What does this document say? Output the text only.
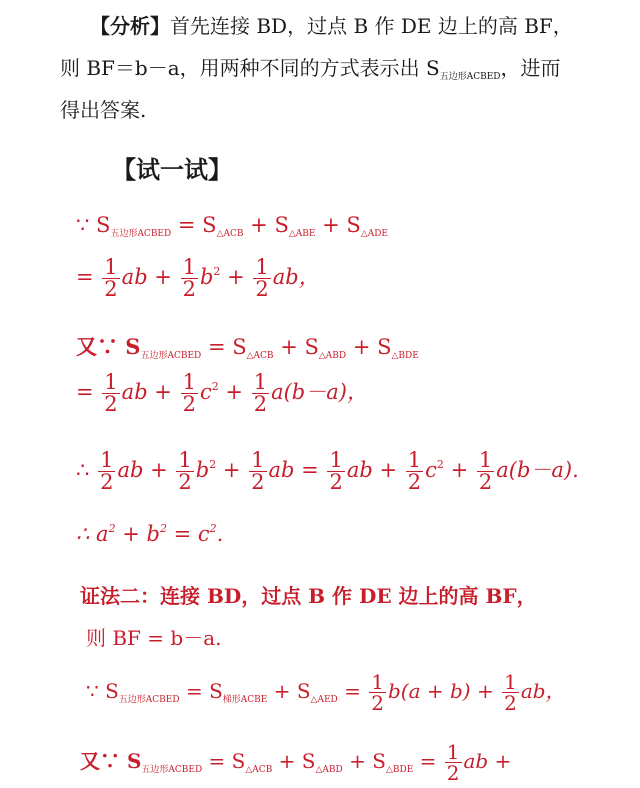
【分析】首先连接 BD，过点 B 作 DE 边上的高 BF，
则 BF＝b－a，用两种不同的方式表示出 $S_{五边形ACBED}$，进而
得出答案.
【试一试】
∵ $S_{五边形ACBED} = S_{\triangle ACB} + S_{\triangle ABE} + S_{\triangle ADE}$
= $\frac{1}{2}$ ab + $\frac{1}{2} b^2 + \frac{1}{2}$ ab，
又∵ $S_{五边形ACBED} = S_{\triangle ACB} + S_{\triangle ABD} + S_{\triangle BDE}$
= $\frac{1}{2}$ ab + $\frac{1}{2} c^2 + \frac{1}{2} a(b-a)$，
∴ $\frac{1}{2}$ ab + $\frac{1}{2} b^2 + \frac{1}{2}$ ab = $\frac{1}{2}$ ab + $\frac{1}{2} c^2 + \frac{1}{2} a(b-a)$.
∴ $a^2 + b^2 = c^2$.
证法二：连接 BD，过点 B 作 DE 边上的高 BF，
则 BF = b－a.
∵ $S_{五边形ACBED} = S_{梯形ACBE} + S_{\triangle AED} = \frac{1}{2} b(a + b) + \frac{1}{2}$ ab，
又∵ $S_{五边形ACBED} = S_{\triangle ACB} + S_{\triangle ABD} + S_{\triangle BDE} = \frac{1}{2}$ ab +
